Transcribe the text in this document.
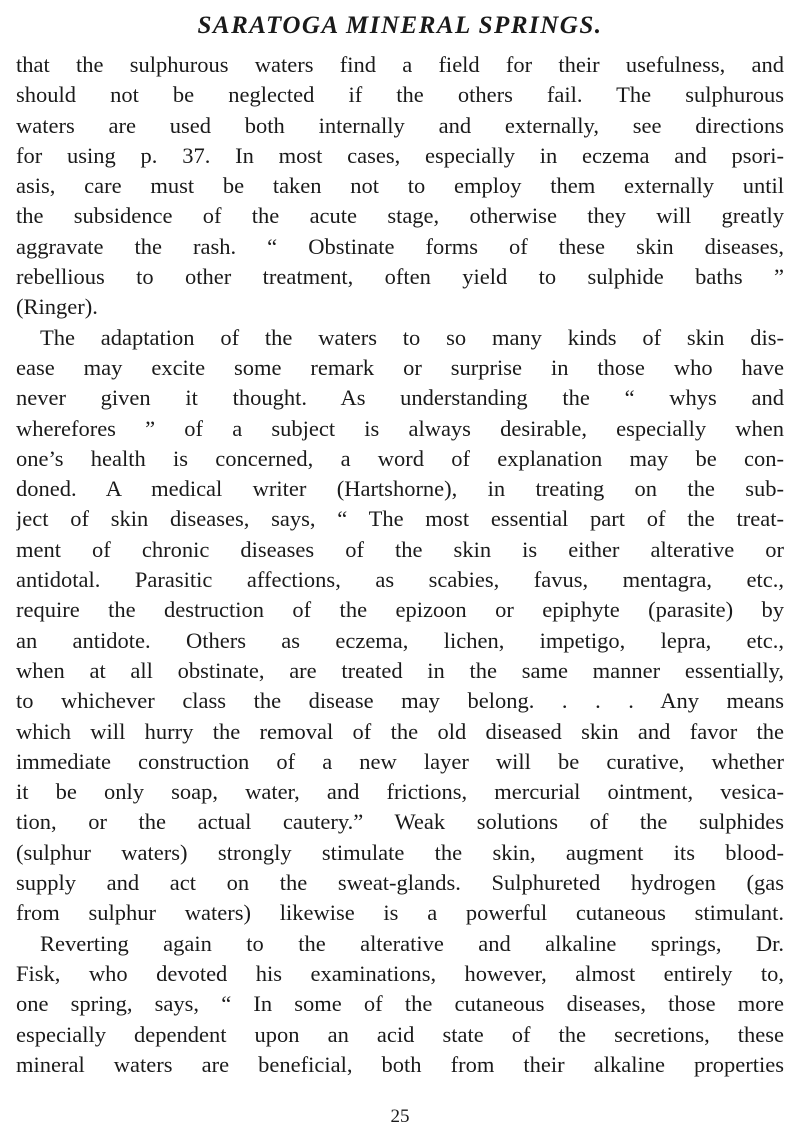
SARATOGA MINERAL SPRINGS.
that the sulphurous waters find a field for their usefulness, and
should not be neglected if the others fail. The sulphurous
waters are used both internally and externally, see directions
for using p. 37. In most cases, especially in eczema and psori-
asis, care must be taken not to employ them externally until
the subsidence of the acute stage, otherwise they will greatly
aggravate the rash. “ Obstinate forms of these skin diseases,
rebellious to other treatment, often yield to sulphide baths ”
(Ringer).
The adaptation of the waters to so many kinds of skin dis-
ease may excite some remark or surprise in those who have
never given it thought. As understanding the “ whys and
wherefores ” of a subject is always desirable, especially when
one’s health is concerned, a word of explanation may be con-
doned. A medical writer (Hartshorne), in treating on the sub-
ject of skin diseases, says, “ The most essential part of the treat-
ment of chronic diseases of the skin is either alterative or
antidotal. Parasitic affections, as scabies, favus, mentagra, etc.,
require the destruction of the epizoon or epiphyte (parasite) by
an antidote. Others as eczema, lichen, impetigo, lepra, etc.,
when at all obstinate, are treated in the same manner essentially,
to whichever class the disease may belong. . . . Any means
which will hurry the removal of the old diseased skin and favor the
immediate construction of a new layer will be curative, whether
it be only soap, water, and frictions, mercurial ointment, vesica-
tion, or the actual cautery.” Weak solutions of the sulphides
(sulphur waters) strongly stimulate the skin, augment its blood-
supply and act on the sweat-glands. Sulphureted hydrogen (gas
from sulphur waters) likewise is a powerful cutaneous stimulant.
Reverting again to the alterative and alkaline springs, Dr.
Fisk, who devoted his examinations, however, almost entirely to,
one spring, says, “ In some of the cutaneous diseases, those more
especially dependent upon an acid state of the secretions, these
mineral waters are beneficial, both from their alkaline properties
25
